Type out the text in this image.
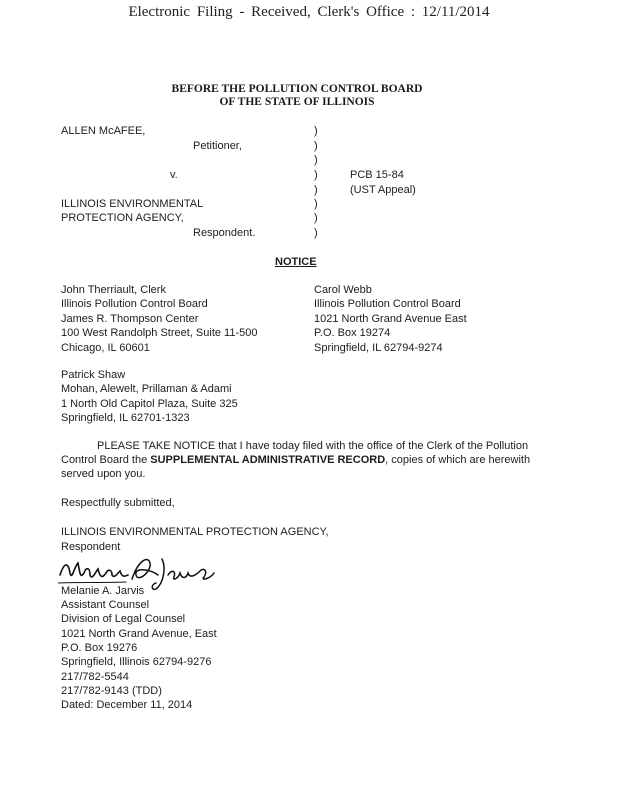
Electronic Filing - Received, Clerk's Office : 12/11/2014
BEFORE THE POLLUTION CONTROL BOARD
OF THE STATE OF ILLINOIS
ALLEN McAFEE,
Petitioner,
v.
ILLINOIS ENVIRONMENTAL
PROTECTION AGENCY,
Respondent.
PCB 15-84
(UST Appeal)
)
)
)
)
)
)
)
)
NOTICE
John Therriault, Clerk
Illinois Pollution Control Board
James R. Thompson Center
100 West Randolph Street, Suite 11-500
Chicago, IL 60601
Carol Webb
Illinois Pollution Control Board
1021 North Grand Avenue East
P.O. Box 19274
Springfield, IL 62794-9274
Patrick Shaw
Mohan, Alewelt, Prillaman & Adami
1 North Old Capitol Plaza, Suite 325
Springfield, IL 62701-1323
PLEASE TAKE NOTICE that I have today filed with the office of the Clerk of the Pollution
Control Board the SUPPLEMENTAL ADMINISTRATIVE RECORD, copies of which are herewith
served upon you.
Respectfully submitted,
ILLINOIS ENVIRONMENTAL PROTECTION AGENCY,
Respondent
Melanie A. Jarvis
Assistant Counsel
Division of Legal Counsel
1021 North Grand Avenue, East
P.O. Box 19276
Springfield, Illinois 62794-9276
217/782-5544
217/782-9143 (TDD)
Dated: December 11, 2014
